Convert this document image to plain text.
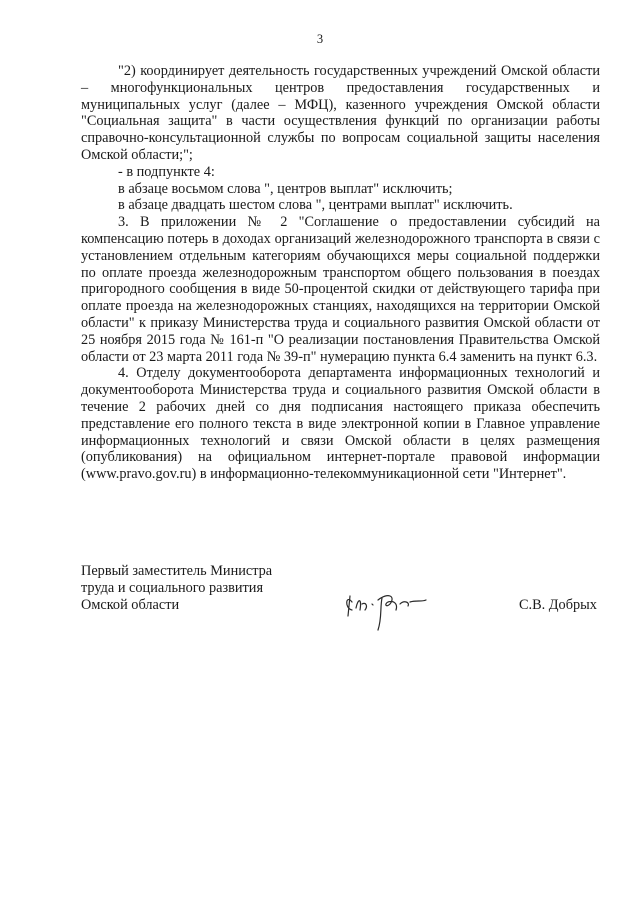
3

"2) координирует деятельность государственных учреждений Омской области – многофункциональных центров предоставления государственных и муниципальных услуг (далее – МФЦ), казенного учреждения Омской области "Социальная защита" в части осуществления функций по организации работы справочно-консультационной службы по вопросам социальной защиты населения Омской области;";

- в подпункте 4:

в абзаце восьмом слова ", центров выплат" исключить;

в абзаце двадцать шестом слова ", центрами выплат" исключить.

3. В приложении № 2 "Соглашение о предоставлении субсидий на компенсацию потерь в доходах организаций железнодорожного транспорта в связи с установлением отдельным категориям обучающихся меры социальной поддержки по оплате проезда железнодорожным транспортом общего пользования в поездах пригородного сообщения в виде 50-процентой скидки от действующего тарифа при оплате проезда на железнодорожных станциях, находящихся на территории Омской области" к приказу Министерства труда и социального развития Омской области от 25 ноября 2015 года № 161-п "О реализации постановления Правительства Омской области от 23 марта 2011 года № 39-п" нумерацию пункта 6.4 заменить на пункт 6.3.

4. Отделу документооборота департамента информационных технологий и документооборота Министерства труда и социального развития Омской области в течение 2 рабочих дней со дня подписания настоящего приказа обеспечить представление его полного текста в виде электронной копии в Главное управление информационных технологий и связи Омской области в целях размещения (опубликования) на официальном интернет-портале правовой информации (www.pravo.gov.ru) в информационно-телекоммуникационной сети "Интернет".

Первый заместитель Министра
труда и социального развития
Омской области	С.В. Добрых
